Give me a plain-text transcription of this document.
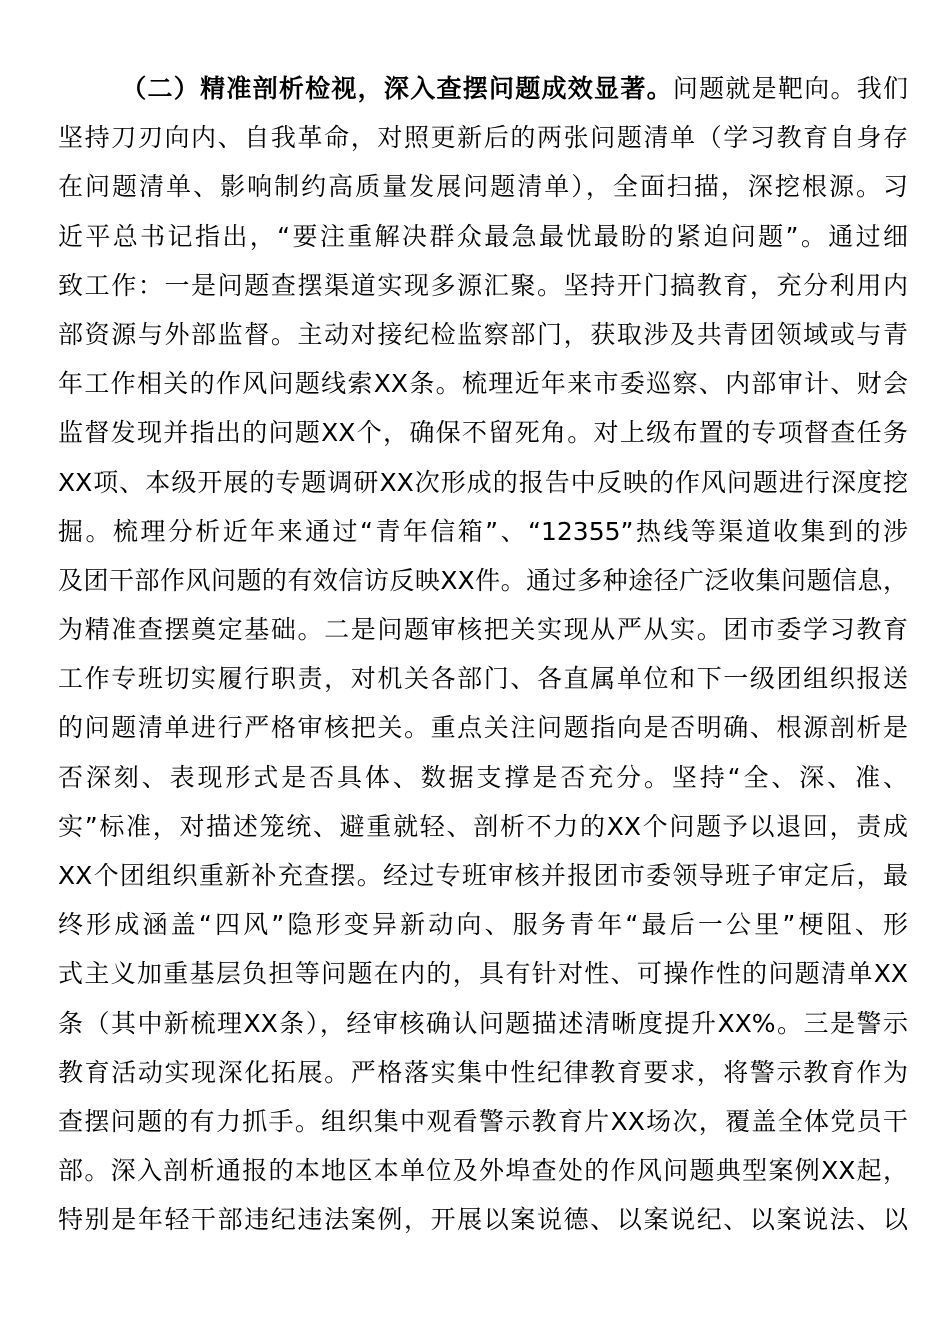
（二）精准剖析检视，深入查摆问题成效显著。问题就是靶向。我们
坚持刀刃向内、自我革命，对照更新后的两张问题清单（学习教育自身存
在问题清单、影响制约高质量发展问题清单），全面扫描，深挖根源。习
近平总书记指出，“要注重解决群众最急最忧最盼的紧迫问题”。通过细
致工作：一是问题查摆渠道实现多源汇聚。坚持开门搞教育，充分利用内
部资源与外部监督。主动对接纪检监察部门，获取涉及共青团领域或与青
年工作相关的作风问题线索XX条。梳理近年来市委巡察、内部审计、财会
监督发现并指出的问题XX个，确保不留死角。对上级布置的专项督查任务
XX项、本级开展的专题调研XX次形成的报告中反映的作风问题进行深度挖
掘。梳理分析近年来通过“青年信箱”、“12355”热线等渠道收集到的涉
及团干部作风问题的有效信访反映XX件。通过多种途径广泛收集问题信息，
为精准查摆奠定基础。二是问题审核把关实现从严从实。团市委学习教育
工作专班切实履行职责，对机关各部门、各直属单位和下一级团组织报送
的问题清单进行严格审核把关。重点关注问题指向是否明确、根源剖析是
否深刻、表现形式是否具体、数据支撑是否充分。坚持“全、深、准、
实”标准，对描述笼统、避重就轻、剖析不力的XX个问题予以退回，责成
XX个团组织重新补充查摆。经过专班审核并报团市委领导班子审定后，最
终形成涵盖“四风”隐形变异新动向、服务青年“最后一公里”梗阻、形
式主义加重基层负担等问题在内的，具有针对性、可操作性的问题清单XX
条（其中新梳理XX条），经审核确认问题描述清晰度提升XX%。三是警示
教育活动实现深化拓展。严格落实集中性纪律教育要求，将警示教育作为
查摆问题的有力抓手。组织集中观看警示教育片XX场次，覆盖全体党员干
部。深入剖析通报的本地区本单位及外埠查处的作风问题典型案例XX起，
特别是年轻干部违纪违法案例，开展以案说德、以案说纪、以案说法、以
